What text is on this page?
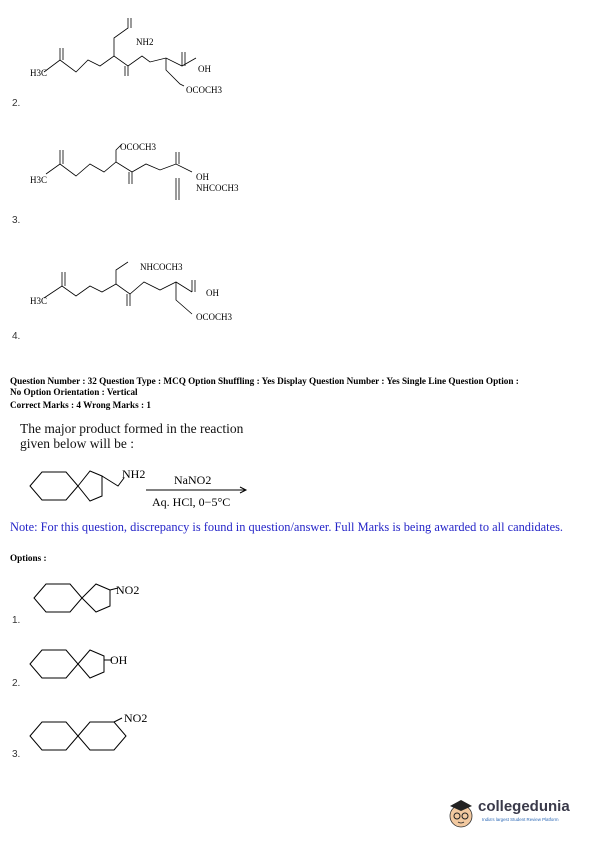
H3C
NH2
OH
OCOCH3
2.
H3C
OCOCH3
OH
NHCOCH3
3.
H3C
NHCOCH3
OH
OCOCH3
4.
Question Number : 32 Question Type : MCQ Option Shuffling : Yes Display Question Number : Yes Single Line Question Option :
No Option Orientation : Vertical
Correct Marks : 4 Wrong Marks : 1
The major product formed in the reaction
given below will be :
NH2 NaNO2
Aq. HCl, 0−5°C
Note: For this question, discrepancy is found in question/answer. Full Marks is being awarded to all candidates.
Options :
NO2
1.
OH
2.
NO2
3.
collegedunia
India's largest Student Review Platform
